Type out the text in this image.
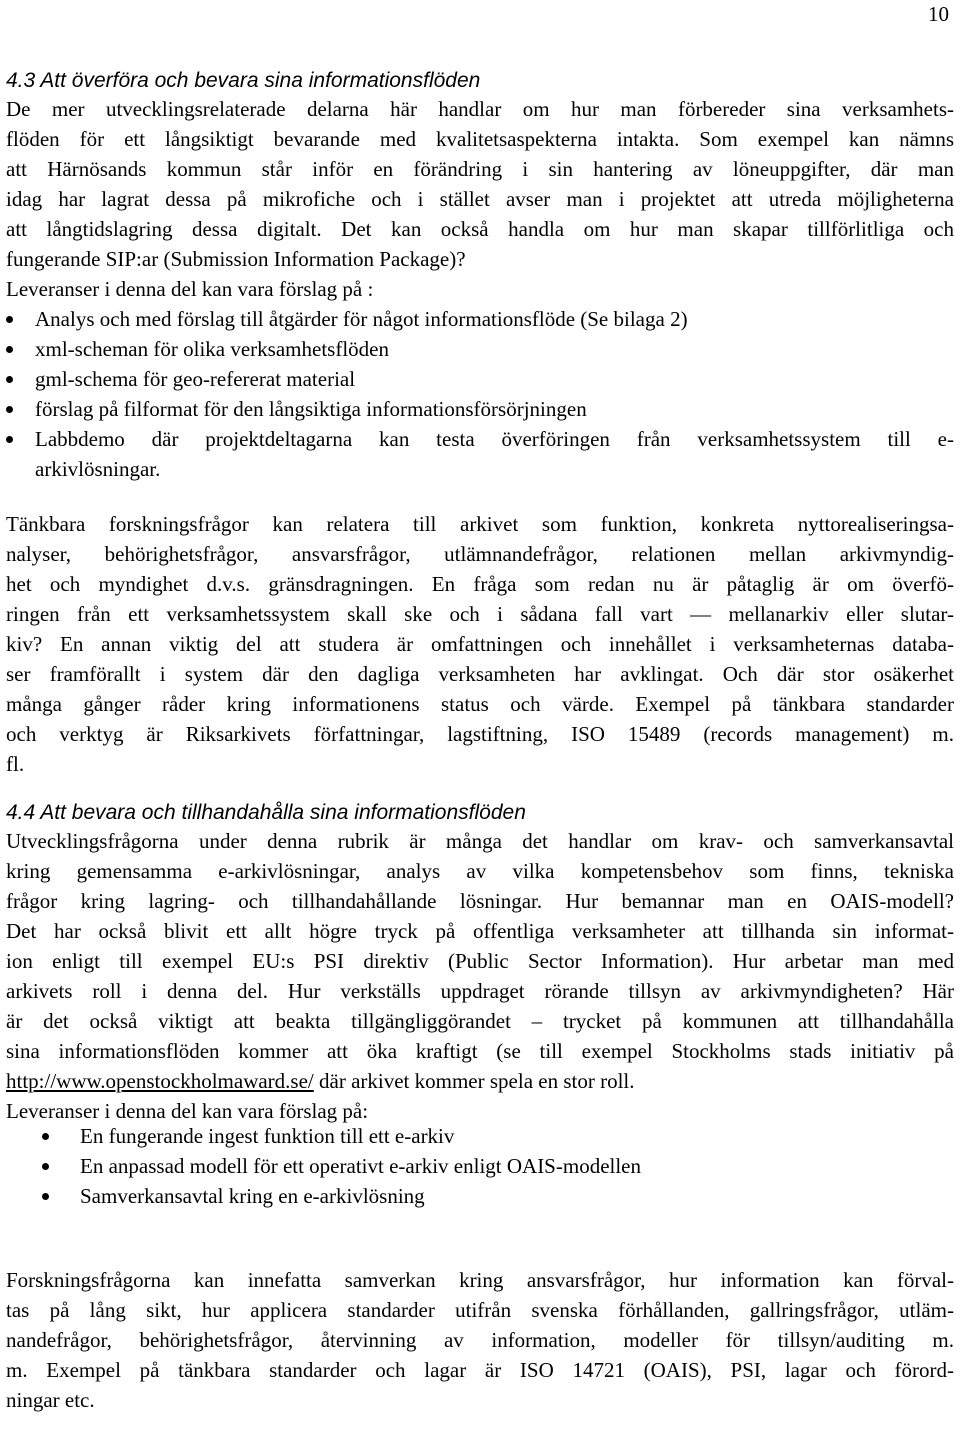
10
4.3 Att överföra och bevara sina informationsflöden
De mer utvecklingsrelaterade delarna här handlar om hur man förbereder sina verksamhets-
flöden för ett långsiktigt bevarande med kvalitetsaspekterna intakta. Som exempel kan nämns
att Härnösands kommun står inför en förändring i sin hantering av löneuppgifter, där man
idag har lagrat dessa på mikrofiche och i stället avser man i projektet att utreda möjligheterna
att långtidslagring dessa digitalt. Det kan också handla om hur man skapar tillförlitliga och
fungerande SIP:ar (Submission Information Package)?
Leveranser i denna del kan vara förslag på :
Analys och med förslag till åtgärder för något informationsflöde (Se bilaga 2)
xml-scheman för olika verksamhetsflöden
gml-schema för geo-refererat material
förslag på filformat för den långsiktiga informationsförsörjningen
Labbdemo där projektdeltagarna kan testa överföringen från verksamhetssystem till e-
arkivlösningar.
Tänkbara forskningsfrågor kan relatera till arkivet som funktion, konkreta nyttorealiseringsa-
nalyser, behörighetsfrågor, ansvarsfrågor, utlämnandefrågor, relationen mellan arkivmyndig-
het och myndighet d.v.s. gränsdragningen. En fråga som redan nu är påtaglig är om överfö-
ringen från ett verksamhetssystem skall ske och i sådana fall vart — mellanarkiv eller slutar-
kiv? En annan viktig del att studera är omfattningen och innehållet i verksamheternas databa-
ser framförallt i system där den dagliga verksamheten har avklingat. Och där stor osäkerhet
många gånger råder kring informationens status och värde. Exempel på tänkbara standarder
och verktyg är Riksarkivets författningar, lagstiftning, ISO 15489 (records management) m.
fl.
4.4 Att bevara och tillhandahålla sina informationsflöden
Utvecklingsfrågorna under denna rubrik är många det handlar om krav- och samverkansavtal
kring gemensamma e-arkivlösningar, analys av vilka kompetensbehov som finns, tekniska
frågor kring lagring- och tillhandahållande lösningar. Hur bemannar man en OAIS-modell?
Det har också blivit ett allt högre tryck på offentliga verksamheter att tillhanda sin informat-
ion enligt till exempel EU:s PSI direktiv (Public Sector Information). Hur arbetar man med
arkivets roll i denna del. Hur verkställs uppdraget rörande tillsyn av arkivmyndigheten? Här
är det också viktigt att beakta tillgängliggörandet – trycket på kommunen att tillhandahålla
sina informationsflöden kommer att öka kraftigt (se till exempel Stockholms stads initiativ på
http://www.openstockholmaward.se/ där arkivet kommer spela en stor roll.
Leveranser i denna del kan vara förslag på:
En fungerande ingest funktion till ett e-arkiv
En anpassad modell för ett operativt e-arkiv enligt OAIS-modellen
Samverkansavtal kring en e-arkivlösning
Forskningsfrågorna kan innefatta samverkan kring ansvarsfrågor, hur information kan förval-
tas på lång sikt, hur applicera standarder utifrån svenska förhållanden, gallringsfrågor, utläm-
nandefrågor, behörighetsfrågor, återvinning av information, modeller för tillsyn/auditing m.
m. Exempel på tänkbara standarder och lagar är ISO 14721 (OAIS), PSI, lagar och förord-
ningar etc.
